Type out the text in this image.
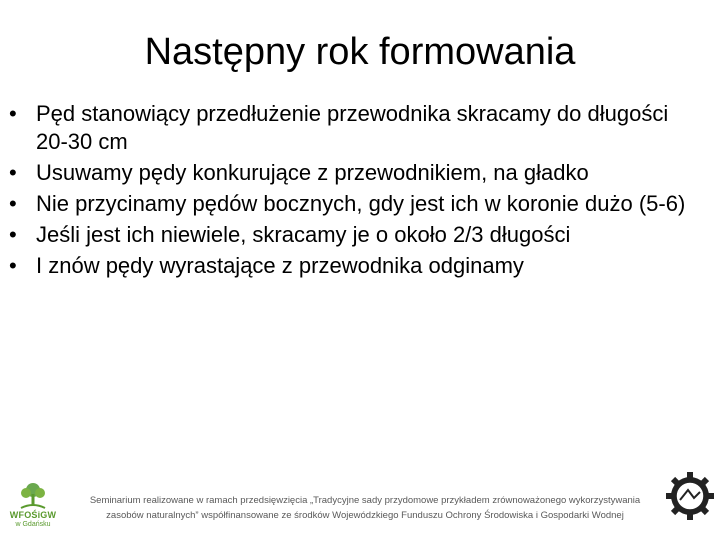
Następny rok formowania
• Pęd stanowiący przedłużenie przewodnika skracamy do długości 20-30 cm
• Usuwamy pędy konkurujące z przewodnikiem, na gładko
• Nie przycinamy pędów bocznych, gdy jest ich w koronie dużo (5-6)
• Jeśli jest ich niewiele, skracamy je o około 2/3 długości
• I znów pędy wyrastające z przewodnika odginamy
WFOŚiGW
w Gdańsku
Seminarium realizowane w ramach przedsięwzięcia „Tradycyjne sady przydomowe przykładem zrównoważonego wykorzystywania zasobów naturalnych” współfinansowane ze środków Wojewódzkiego Funduszu Ochrony Środowiska i Gospodarki Wodnej
